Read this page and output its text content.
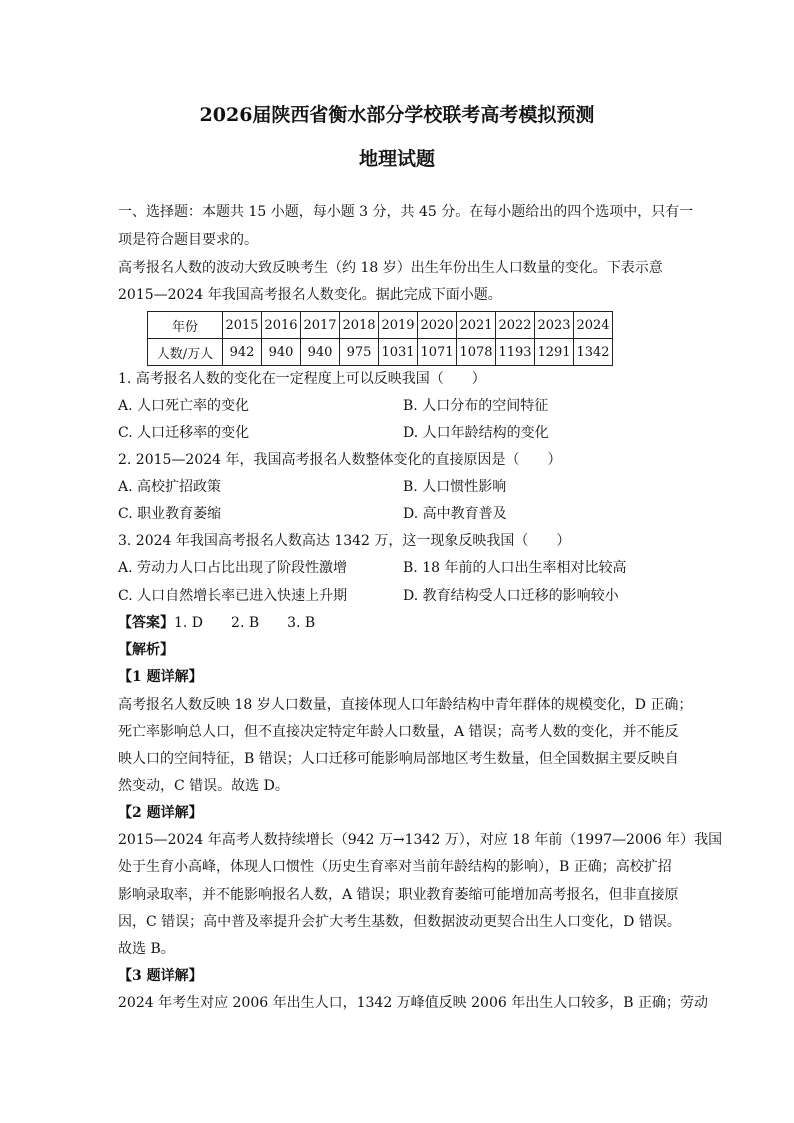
2026届陕西省衡水部分学校联考高考模拟预测
地理试题
一、选择题：本题共 15 小题，每小题 3 分，共 45 分。在每小题给出的四个选项中，只有一
项是符合题目要求的。
高考报名人数的波动大致反映考生（约 18 岁）出生年份出生人口数量的变化。下表示意
2015—2024 年我国高考报名人数变化。据此完成下面小题。
年份	2015	2016	2017	2018	2019	2020	2021	2022	2023	2024
人数/万人	942	940	940	975	1031	1071	1078	1193	1291	1342
1. 高考报名人数的变化在一定程度上可以反映我国（　　）
A. 人口死亡率的变化	B. 人口分布的空间特征
C. 人口迁移率的变化	D. 人口年龄结构的变化
2. 2015—2024 年，我国高考报名人数整体变化的直接原因是（　　）
A. 高校扩招政策	B. 人口惯性影响
C. 职业教育萎缩	D. 高中教育普及
3. 2024 年我国高考报名人数高达 1342 万，这一现象反映我国（　　）
A. 劳动力人口占比出现了阶段性激增	B. 18 年前的人口出生率相对比较高
C. 人口自然增长率已进入快速上升期	D. 教育结构受人口迁移的影响较小
【答案】1. D　　2. B　　3. B
【解析】
【1 题详解】
高考报名人数反映 18 岁人口数量，直接体现人口年龄结构中青年群体的规模变化，D 正确；
死亡率影响总人口，但不直接决定特定年龄人口数量，A 错误；高考人数的变化，并不能反
映人口的空间特征，B 错误；人口迁移可能影响局部地区考生数量，但全国数据主要反映自
然变动，C 错误。故选 D。
【2 题详解】
2015—2024 年高考人数持续增长（942 万→1342 万），对应 18 年前（1997—2006 年）我国
处于生育小高峰，体现人口惯性（历史生育率对当前年龄结构的影响），B 正确；高校扩招
影响录取率，并不能影响报名人数，A 错误；职业教育萎缩可能增加高考报名，但非直接原
因，C 错误；高中普及率提升会扩大考生基数，但数据波动更契合出生人口变化，D 错误。
故选 B。
【3 题详解】
2024 年考生对应 2006 年出生人口，1342 万峰值反映 2006 年出生人口较多，B 正确；劳动
